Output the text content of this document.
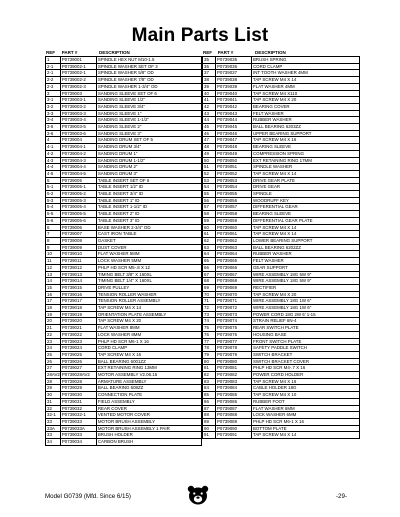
Main Parts List
REF	PART #	DESCRIPTION
1	P0739001	SPINDLE HEX NUT M10-1.5
2-1	P0739002-1	SPINDLE WASHER SET OF 3
2-1	P0739002-1	SPINDLE WASHER 5/8" OD
2-2	P0739002-2	SPINDLE WASHER 7/8" OD
2-3	P0739002-3	SPINDLE WASHER 1-3/4" OD
3	P0739003	SANDING SLEEVE SET OF 6
3-1	P0739003-1	SANDING SLEEVE 1/2"
3-2	P0739003-2	SANDING SLEEVE 3/4"
3-3	P0739003-3	SANDING SLEEVE 1"
3-4	P0739003-4	SANDING SLEEVE 1-1/2"
3-5	P0739003-5	SANDING SLEEVE 2"
3-6	P0739003-6	SANDING SLEEVE 3"
4	P0739004	SANDING DRUM SET OF 5
4-1	P0739004-1	SANDING DRUM 3/4"
4-2	P0739004-2	SANDING DRUM 1"
4-3	P0739004-3	SANDING DRUM 1-1/2"
4-4	P0739004-4	SANDING DRUM 2"
4-5	P0739004-5	SANDING DRUM 3"
5	P0739005	TABLE INSERT SET OF 6
5-1	P0739005-1	TABLE INSERT 1/2" ID
5-2	P0739005-2	TABLE INSERT 3/4" ID
5-3	P0739005-3	TABLE INSERT 1" ID
5-4	P0739005-4	TABLE INSERT 1-1/2" ID
5-5	P0739005-5	TABLE INSERT 2" ID
5-6	P0739005-6	TABLE INSERT 3" ID
6	P0739006	BASE WASHER 2-3/4" OD
7	P0739007	CAST IRON TABLE
8	P0739008	GASKET
9	P0739009	DUST COVER
10	P0739010	FLAT WASHER 5MM
11	P0739011	LOCK WASHER 5MM
12	P0739012	PHLP HD SCR M5-.8 X 12
13	P0739013	TIMING BELT 3/8" X 160XL
14	P0739014	TIMING BELT 1/4" X 160XL
15	P0739015	DRIVE PULLEY
16	P0739016	TENSION ROLLER WASHER
17	P0739017	TENSION ROLLER ASSEMBLY
18	P0739018	TAP SCREW M4 X 14
19	P0739019	ORIENTATION PLATE ASSEMBLY
20	P0739020	TAP SCREW M4 X 20
21	P0739021	FLAT WASHER 8MM
22	P0739022	LOCK WASHER 8MM
23	P0739023	PHLP HD SCR M6-1 X 16
24	P0739024	CORD CLAMP
25	P0739025	TAP SCREW M4 X 16
26	P0739026	BALL BEARING 6001ZZ
27	P0739027	EXT RETAINING RING 13MM
28AV2	P0739028AV2	MOTOR ASSEMBLY V2.06.15
28	P0739028	ARMATURE ASSEMBLY
29	P0739029	BALL BEARING 608ZZ
30	P0739030	CONNECTION PLATE
31	P0739031	FIELD ASSEMBLY
32	P0739032	REAR COVER
32-1	P0739032-1	VENTED MOTOR COVER
33	P0739033	MOTOR BRUSH ASSEMBLY
33A	P0739033A	MOTOR BRUSH ASSEMBLY 1 PAIR
33	P0739033	BRUSH HOLDER
34	P0739034	CARBON BRUSH
REF	PART #	DESCRIPTION
35	P0739035	BRUSH SPRING
36	P0739036	CORD CLAMP
37	P0739037	INT TOOTH WASHER 4MM
38	P0739038	TAP SCREW M4 X 14
39	P0739039	FLAT WASHER 4MM
40	P0739040	TAP SCREW M4 X110
41	P0739041	TAP SCREW M4 X 20
42	P0739042	BEARING COVER
43	P0739043	FELT WASHER
44	P0739044	RUBBER WASHER
45	P0739045	BALL BEARING 6203ZZ
46	P0739046	UPPER BEARING SUPPORT
47	P0739047	TAP SCREW M4 X 16
48	P0739048	BEARING SLEEVE
49	P0739049	COMPRESSION SPRING
50	P0739050	EXT RETAINING RING 17MM
51	P0739051	SPINDLE WASHER
52	P0739052	TAP SCREW M4 X 14
53	P0739053	DRIVE GEAR PLATE
54	P0739054	DRIVE GEAR
55	P0739055	SPINDLE
56	P0739056	WOODRUFF KEY
57	P0739057	DIFFERENTIAL GEAR
58	P0739058	BEARING SLEEVE
59	P0739059	DIFFERENTIAL GEAR PLATE
60	P0739060	TAP SCREW M4 X 14
61	P0739061	TAP SCREW M4 X 14
62	P0739062	LOWER BEARING SUPPORT
63	P0739063	BALL BEARING 6202ZZ
64	P0739064	RUBBER WASHER
65	P0739065	FELT WASHER
66	P0739066	GEAR SUPPORT
67	P0739067	WIRE ASSEMBLY 18G 5W 9"
68	P0739068	WIRE ASSEMBLY 18G 5W 9"
69	P0739069	RECTIFIER
70	P0739070	TAP SCREW M4 X 20
71	P0739071	WIRE ASSEMBLY 18G 1W 6"
72	P0739072	WIRE ASSEMBLY 18G 1W 6"
73	P0739073	POWER CORD 18G 2W 6' 1-15
74	P0739074	STRAIN RELIEF 6N-4
75	P0739075	REAR SWITCH PLATE
76	P0739076	HOUSING BASE
77	P0739077	FRONT SWITCH PLATE
78	P0739078	SAFETY PADDLE SWITCH
79	P0739079	SWITCH BRACKET
80	P0739080	SWITCH BRACKET COVER
81	P0739081	PHLP HD SCR M4-.7 X 16
82	P0739082	POWER CORD HOLDER
83	P0739083	TAP SCREW M4 X 16
84	P0739084	CABLE HOLDER 18G
85	P0739085	TAP SCREW M4 X 10
86	P0739086	RUBBER FOOT
87	P0739087	FLAT WASHER 6MM
88	P0739088	LOCK WASHER 6MM
89	P0739089	PHLP HD SCR M6-1 X 16
90	P0739090	BOTTOM PLATE
91	P0739091	TAP SCREW M4 X 14
Model G0739 (Mfd. Since 6/15)	-29-
